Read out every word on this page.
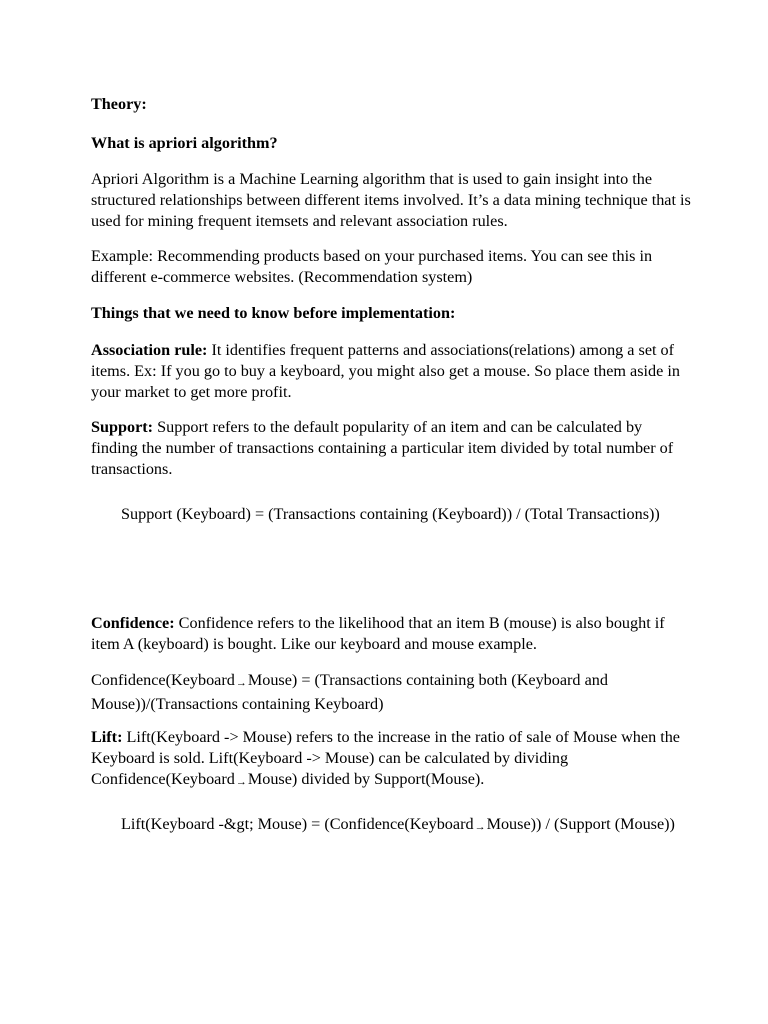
Theory:

What is apriori algorithm?

Apriori Algorithm is a Machine Learning algorithm that is used to gain insight into the structured relationships between different items involved. It’s a data mining technique that is used for mining frequent itemsets and relevant association rules.

Example: Recommending products based on your purchased items. You can see this in different e-commerce websites. (Recommendation system)

Things that we need to know before implementation:

Association rule: It identifies frequent patterns and associations(relations) among a set of items. Ex: If you go to buy a keyboard, you might also get a mouse. So place them aside in your market to get more profit.

Support: Support refers to the default popularity of an item and can be calculated by finding the number of transactions containing a particular item divided by total number of transactions.

Support (Keyboard) = (Transactions containing (Keyboard)) / (Total Transactions))

Confidence: Confidence refers to the likelihood that an item B (mouse) is also bought if item A (keyboard) is bought. Like our keyboard and mouse example.

Confidence(Keyboard→Mouse) = (Transactions containing both (Keyboard and Mouse))/(Transactions containing Keyboard)

Lift: Lift(Keyboard -> Mouse) refers to the increase in the ratio of sale of Mouse when the Keyboard is sold. Lift(Keyboard -> Mouse) can be calculated by dividing Confidence(Keyboard→Mouse) divided by Support(Mouse).

Lift(Keyboard -&gt; Mouse) = (Confidence(Keyboard→Mouse)) / (Support (Mouse))
